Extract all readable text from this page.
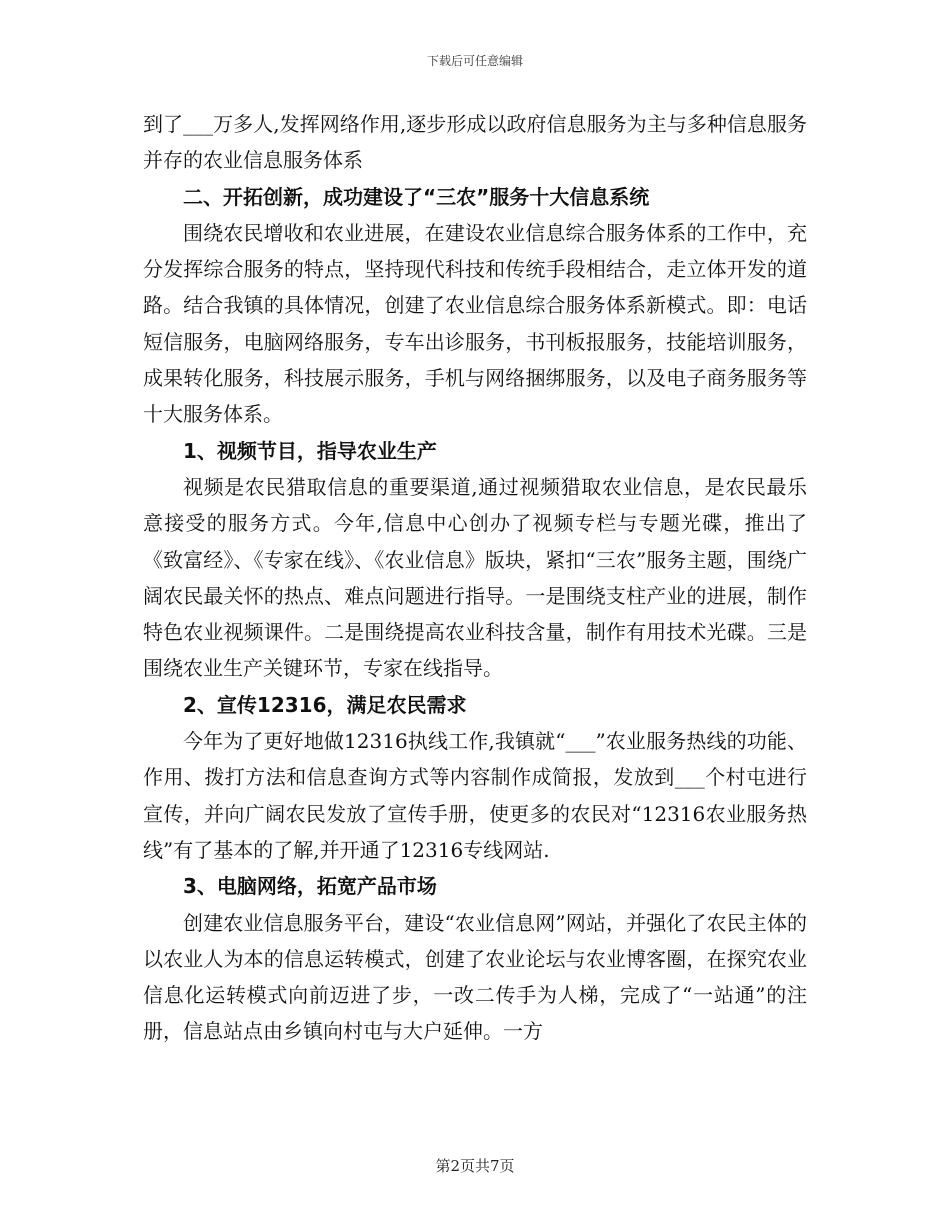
下载后可任意编辑

到了___万多人,发挥网络作用,逐步形成以政府信息服务为主与多种信息服务并存的农业信息服务体系

二、开拓创新，成功建设了“三农”服务十大信息系统

围绕农民增收和农业进展，在建设农业信息综合服务体系的工作中，充分发挥综合服务的特点，坚持现代科技和传统手段相结合，走立体开发的道路。结合我镇的具体情况，创建了农业信息综合服务体系新模式。即：电话短信服务，电脑网络服务，专车出诊服务，书刊板报服务，技能培训服务，成果转化服务，科技展示服务，手机与网络捆绑服务，以及电子商务服务等十大服务体系。

1、视频节目，指导农业生产

视频是农民猎取信息的重要渠道,通过视频猎取农业信息，是农民最乐意接受的服务方式。今年,信息中心创办了视频专栏与专题光碟，推出了《致富经》、《专家在线》、《农业信息》版块，紧扣“三农”服务主题，围绕广阔农民最关怀的热点、难点问题进行指导。一是围绕支柱产业的进展，制作特色农业视频课件。二是围绕提高农业科技含量，制作有用技术光碟。三是围绕农业生产关键环节，专家在线指导。

2、宣传12316，满足农民需求

今年为了更好地做12316执线工作,我镇就“___”农业服务热线的功能、作用、拨打方法和信息查询方式等内容制作成简报，发放到___个村屯进行宣传，并向广阔农民发放了宣传手册，使更多的农民对“12316农业服务热线”有了基本的了解,并开通了12316专线网站.

3、电脑网络，拓宽产品市场

创建农业信息服务平台，建设“农业信息网”网站，并强化了农民主体的以农业人为本的信息运转模式，创建了农业论坛与农业博客圈，在探究农业信息化运转模式向前迈进了步，一改二传手为人梯，完成了“一站通”的注册，信息站点由乡镇向村屯与大户延伸。一方

第2页共7页
